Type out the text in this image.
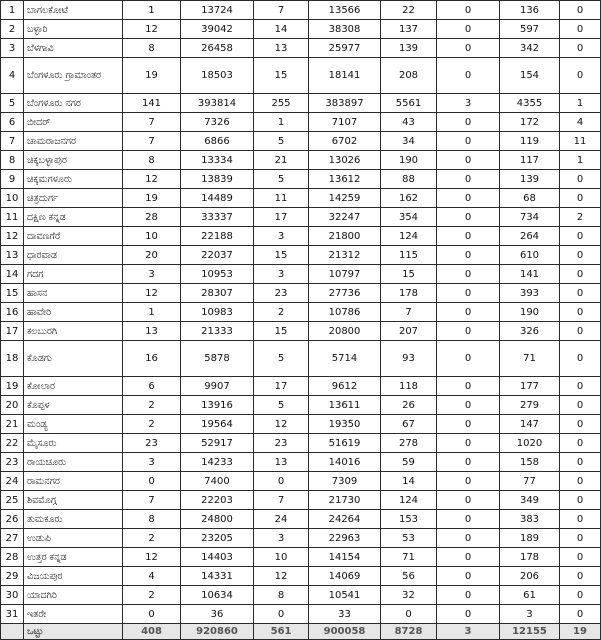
1	ಬಾಗಲಕೋಟೆ	1	13724	7	13566	22	0	136	0
2	ಬಳ್ಳಾರಿ	12	39042	14	38308	137	0	597	0
3	ಬೆಳಗಾವಿ	8	26458	13	25977	139	0	342	0
4	ಬೆಂಗಳೂರು ಗ್ರಾಮಾಂತರ	19	18503	15	18141	208	0	154	0
5	ಬೆಂಗಳೂರು ನಗರ	141	393814	255	383897	5561	3	4355	1
6	ಬೀದರ್	7	7326	1	7107	43	0	172	4
7	ಚಾಮರಾಜನಗರ	7	6866	5	6702	34	0	119	11
8	ಚಿಕ್ಕಬಳ್ಳಾಪುರ	8	13334	21	13026	190	0	117	1
9	ಚಿಕ್ಕಮಗಳೂರು	12	13839	5	13612	88	0	139	0
10	ಚಿತ್ರದುರ್ಗ	19	14489	11	14259	162	0	68	0
11	ದಕ್ಷಿಣ ಕನ್ನಡ	28	33337	17	32247	354	0	734	2
12	ದಾವಣಗೆರೆ	10	22188	3	21800	124	0	264	0
13	ಧಾರವಾಡ	20	22037	15	21312	115	0	610	0
14	ಗದಗ	3	10953	3	10797	15	0	141	0
15	ಹಾಸನ	12	28307	23	27736	178	0	393	0
16	ಹಾವೇರಿ	1	10983	2	10786	7	0	190	0
17	ಕಲಬುರಗಿ	13	21333	15	20800	207	0	326	0
18	ಕೊಡಗು	16	5878	5	5714	93	0	71	0
19	ಕೋಲಾರ	6	9907	17	9612	118	0	177	0
20	ಕೊಪ್ಪಳ	2	13916	5	13611	26	0	279	0
21	ಮಂಡ್ಯ	2	19564	12	19350	67	0	147	0
22	ಮೈಸೂರು	23	52917	23	51619	278	0	1020	0
23	ರಾಯಚೂರು	3	14233	13	14016	59	0	158	0
24	ರಾಮನಗರ	0	7400	0	7309	14	0	77	0
25	ಶಿವಮೊಗ್ಗ	7	22203	7	21730	124	0	349	0
26	ತುಮಕೂರು	8	24800	24	24264	153	0	383	0
27	ಉಡುಪಿ	2	23205	3	22963	53	0	189	0
28	ಉತ್ತರ ಕನ್ನಡ	12	14403	10	14154	71	0	178	0
29	ವಿಜಯಪುರ	4	14331	12	14069	56	0	206	0
30	ಯಾದಗಿರಿ	2	10634	8	10541	32	0	61	0
31	ಇತರೇ	0	36	0	33	0	0	3	0
	ಒಟ್ಟು	408	920860	561	900058	8728	3	12155	19
